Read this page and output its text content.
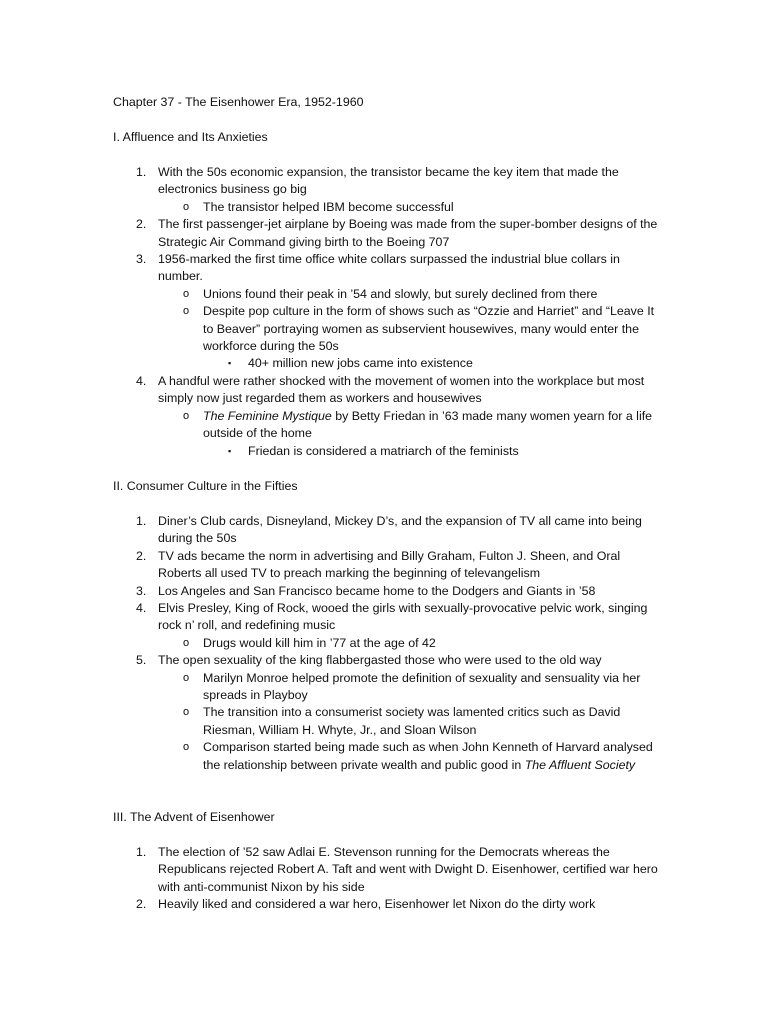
Chapter 37 - The Eisenhower Era, 1952-1960
I. Affluence and Its Anxieties
1. With the 50s economic expansion, the transistor became the key item that made the electronics business go big
o The transistor helped IBM become successful
2. The first passenger-jet airplane by Boeing was made from the super-bomber designs of the Strategic Air Command giving birth to the Boeing 707
3. 1956-marked the first time office white collars surpassed the industrial blue collars in number.
o Unions found their peak in ’54 and slowly, but surely declined from there
o Despite pop culture in the form of shows such as “Ozzie and Harriet” and “Leave It to Beaver” portraying women as subservient housewives, many would enter the workforce during the 50s
▪ 40+ million new jobs came into existence
4. A handful were rather shocked with the movement of women into the workplace but most simply now just regarded them as workers and housewives
o The Feminine Mystique by Betty Friedan in ’63 made many women yearn for a life outside of the home
▪ Friedan is considered a matriarch of the feminists
II. Consumer Culture in the Fifties
1. Diner’s Club cards, Disneyland, Mickey D’s, and the expansion of TV all came into being during the 50s
2. TV ads became the norm in advertising and Billy Graham, Fulton J. Sheen, and Oral Roberts all used TV to preach marking the beginning of televangelism
3. Los Angeles and San Francisco became home to the Dodgers and Giants in ’58
4. Elvis Presley, King of Rock, wooed the girls with sexually-provocative pelvic work, singing rock n’ roll, and redefining music
o Drugs would kill him in ’77 at the age of 42
5. The open sexuality of the king flabbergasted those who were used to the old way
o Marilyn Monroe helped promote the definition of sexuality and sensuality via her spreads in Playboy
o The transition into a consumerist society was lamented critics such as David Riesman, William H. Whyte, Jr., and Sloan Wilson
o Comparison started being made such as when John Kenneth of Harvard analysed the relationship between private wealth and public good in The Affluent Society
III. The Advent of Eisenhower
1. The election of ’52 saw Adlai E. Stevenson running for the Democrats whereas the Republicans rejected Robert A. Taft and went with Dwight D. Eisenhower, certified war hero with anti-communist Nixon by his side
2. Heavily liked and considered a war hero, Eisenhower let Nixon do the dirty work
